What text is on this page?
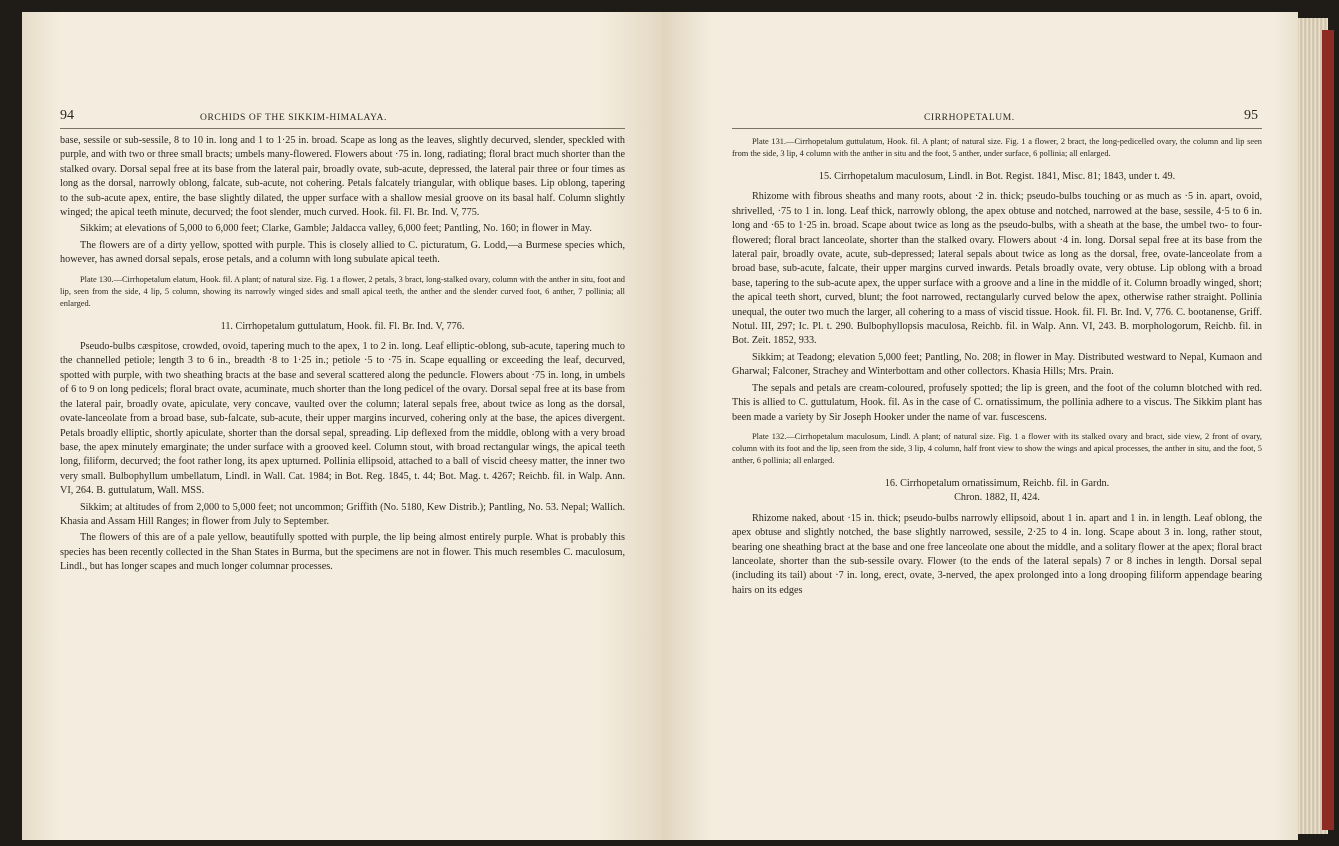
94	ORCHIDS OF THE SIKKIM-HIMALAYA.

base, sessile or sub-sessile, 8 to 10 in. long and 1 to 1·25 in. broad. Scape as long as the leaves, slightly decurved, slender, speckled with purple, and with two or three small bracts; umbels many-flowered. Flowers about ·75 in. long, radiating; floral bract much shorter than the stalked ovary. Dorsal sepal free at its base from the lateral pair, broadly ovate, sub-acute, depressed, the lateral pair three or four times as long as the dorsal, narrowly oblong, falcate, sub-acute, not cohering. Petals falcately triangular, with oblique bases. Lip oblong, tapering to the sub-acute apex, entire, the base slightly dilated, the upper surface with a shallow mesial groove on its basal half. Column slightly winged; the apical teeth minute, decurved; the foot slender, much curved. Hook. fil. Fl. Br. Ind. V, 775.

Sikkim; at elevations of 5,000 to 6,000 feet; Clarke, Gamble; Jaldacca valley, 6,000 feet; Pantling, No. 160; in flower in May.

The flowers are of a dirty yellow, spotted with purple. This is closely allied to C. picturatum, G. Lodd,—a Burmese species which, however, has awned dorsal sepals, erose petals, and a column with long subulate apical teeth.

Plate 130.—Cirrhopetalum elatum, Hook. fil. A plant; of natural size. Fig. 1 a flower, 2 petals, 3 bract, long-stalked ovary, column with the anther in situ, foot and lip, seen from the side, 4 lip, 5 column, showing its narrowly winged sides and small apical teeth, the anther and the slender curved foot, 6 anther, 7 pollinia; all enlarged.

11. Cirrhopetalum guttulatum, Hook. fil. Fl. Br. Ind. V, 776.

Pseudo-bulbs cæspitose, crowded, ovoid, tapering much to the apex, 1 to 2 in. long. Leaf elliptic-oblong, sub-acute, tapering much to the channelled petiole; length 3 to 6 in., breadth ·8 to 1·25 in.; petiole ·5 to ·75 in. Scape equalling or exceeding the leaf, decurved, spotted with purple, with two sheathing bracts at the base and several scattered along the peduncle. Flowers about ·75 in. long, in umbels of 6 to 9 on long pedicels; floral bract ovate, acuminate, much shorter than the long pedicel of the ovary. Dorsal sepal free at its base from the lateral pair, broadly ovate, apiculate, very concave, vaulted over the column; lateral sepals free, about twice as long as the dorsal, ovate-lanceolate from a broad base, sub-falcate, sub-acute, their upper margins incurved, cohering only at the base, the apices divergent. Petals broadly elliptic, shortly apiculate, shorter than the dorsal sepal, spreading. Lip deflexed from the middle, oblong with a very broad base, the apex minutely emarginate; the under surface with a grooved keel. Column stout, with broad rectangular wings, the apical teeth long, filiform, decurved; the foot rather long, its apex upturned. Pollinia ellipsoid, attached to a ball of viscid cheesy matter, the inner two very small. Bulbophyllum umbellatum, Lindl. in Wall. Cat. 1984; in Bot. Reg. 1845, t. 44; Bot. Mag. t. 4267; Reichb. fil. in Walp. Ann. VI, 264. B. guttulatum, Wall. MSS.

Sikkim; at altitudes of from 2,000 to 5,000 feet; not uncommon; Griffith (No. 5180, Kew Distrib.); Pantling, No. 53. Nepal; Wallich. Khasia and Assam Hill Ranges; in flower from July to September.

The flowers of this are of a pale yellow, beautifully spotted with purple, the lip being almost entirely purple. What is probably this species has been recently collected in the Shan States in Burma, but the specimens are not in flower. This much resembles C. maculosum, Lindl., but has longer scapes and much longer columnar processes.

CIRRHOPETALUM.	95

Plate 131.—Cirrhopetalum guttulatum, Hook. fil. A plant; of natural size. Fig. 1 a flower, 2 bract, the long-pedicelled ovary, the column and lip seen from the side, 3 lip, 4 column with the anther in situ and the foot, 5 anther, under surface, 6 pollinia; all enlarged.

15. Cirrhopetalum maculosum, Lindl. in Bot. Regist. 1841, Misc. 81; 1843, under t. 49.

Rhizome with fibrous sheaths and many roots, about ·2 in. thick; pseudo-bulbs touching or as much as ·5 in. apart, ovoid, shrivelled, ·75 to 1 in. long. Leaf thick, narrowly oblong, the apex obtuse and notched, narrowed at the base, sessile, 4·5 to 6 in. long and ·65 to 1·25 in. broad. Scape about twice as long as the pseudo-bulbs, with a sheath at the base, the umbel two- to four-flowered; floral bract lanceolate, shorter than the stalked ovary. Flowers about ·4 in. long. Dorsal sepal free at its base from the lateral pair, broadly ovate, acute, sub-depressed; lateral sepals about twice as long as the dorsal, free, ovate-lanceolate from a broad base, sub-acute, falcate, their upper margins curved inwards. Petals broadly ovate, very obtuse. Lip oblong with a broad base, tapering to the sub-acute apex, the upper surface with a groove and a line in the middle of it. Column broadly winged, short; the apical teeth short, curved, blunt; the foot narrowed, rectangularly curved below the apex, otherwise rather straight. Pollinia unequal, the outer two much the larger, all cohering to a mass of viscid tissue. Hook. fil. Fl. Br. Ind. V, 776. C. bootanense, Griff. Notul. III, 297; Ic. Pl. t. 290. Bulbophyllopsis maculosa, Reichb. fil. in Walp. Ann. VI, 243. B. morphologorum, Reichb. fil. in Bot. Zeit. 1852, 933.

Sikkim; at Teadong; elevation 5,000 feet; Pantling, No. 208; in flower in May. Distributed westward to Nepal, Kumaon and Gharwal; Falconer, Strachey and Winterbottam and other collectors. Khasia Hills; Mrs. Prain.

The sepals and petals are cream-coloured, profusely spotted; the lip is green, and the foot of the column blotched with red. This is allied to C. guttulatum, Hook. fil. As in the case of C. ornatissimum, the pollinia adhere to a viscus. The Sikkim plant has been made a variety by Sir Joseph Hooker under the name of var. fuscescens.

Plate 132.—Cirrhopetalum maculosum, Lindl. A plant; of natural size. Fig. 1 a flower with its stalked ovary and bract, side view, 2 front of ovary, column with its foot and the lip, seen from the side, 3 lip, 4 column, half front view to show the wings and apical processes, the anther in situ, and the foot, 5 anther, 6 pollinia; all enlarged.

16. Cirrhopetalum ornatissimum, Reichb. fil. in Gardn.
Chron. 1882, II, 424.

Rhizome naked, about ·15 in. thick; pseudo-bulbs narrowly ellipsoid, about 1 in. apart and 1 in. in length. Leaf oblong, the apex obtuse and slightly notched, the base slightly narrowed, sessile, 2·25 to 4 in. long. Scape about 3 in. long, rather stout, bearing one sheathing bract at the base and one free lanceolate one about the middle, and a solitary flower at the apex; floral bract lanceolate, shorter than the sub-sessile ovary. Flower (to the ends of the lateral sepals) 7 or 8 inches in length. Dorsal sepal (including its tail) about ·7 in. long, erect, ovate, 3-nerved, the apex prolonged into a long drooping filiform appendage bearing hairs on its edges
